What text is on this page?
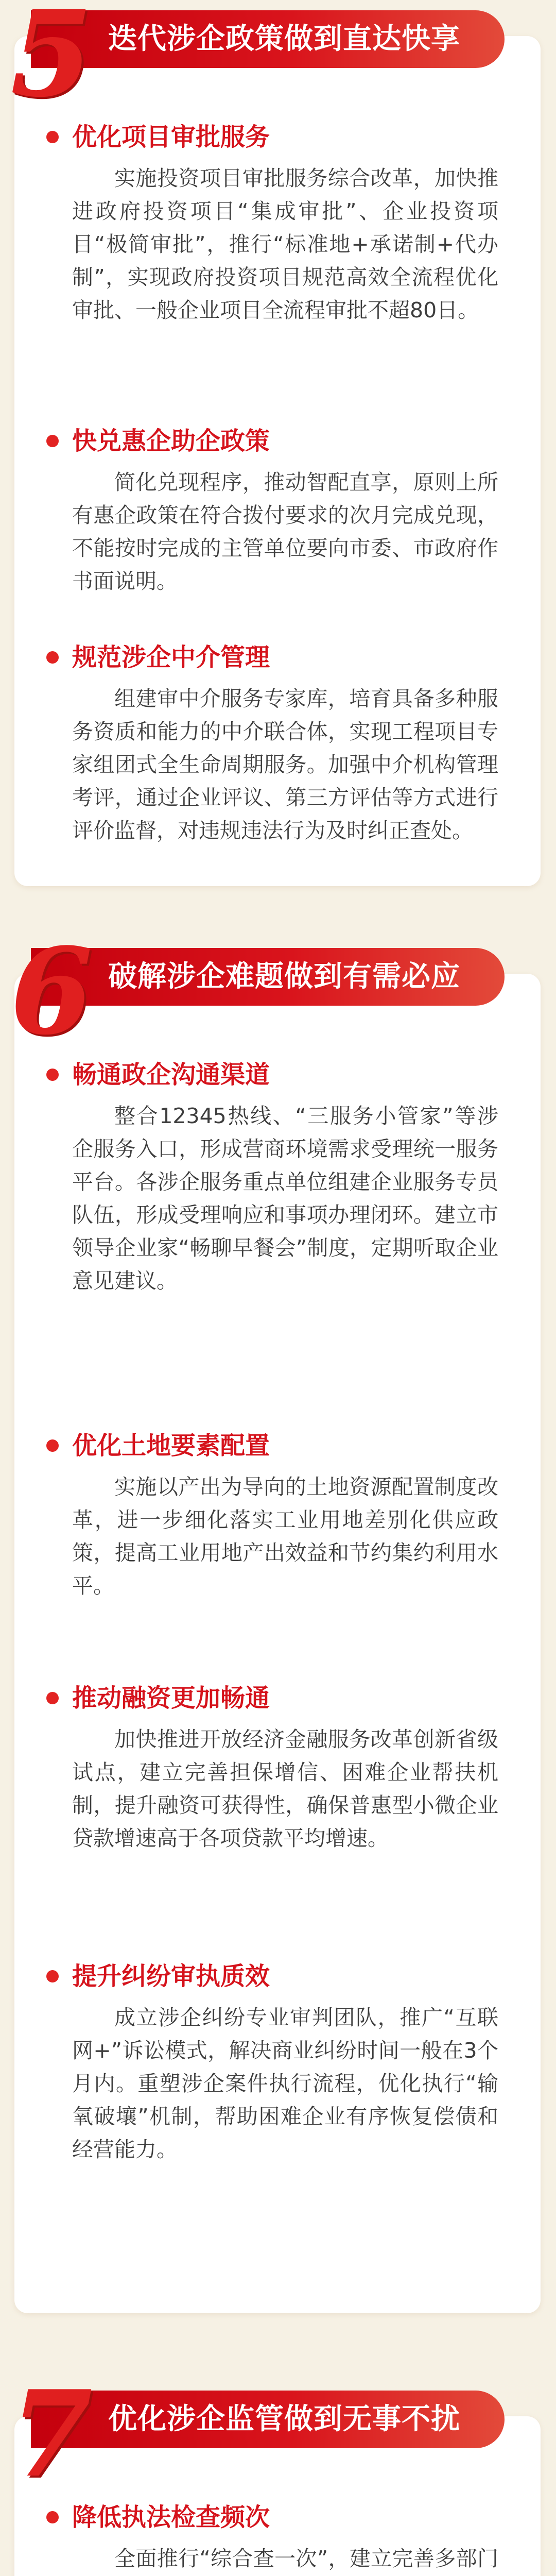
迭代涉企政策做到直达快享
5
优化项目审批服务
实施投资项目审批服务综合改革，加快推进政府投资项目“集成审批”、企业投资项目“极简审批”，推行“标准地+承诺制+代办制”，实现政府投资项目规范高效全流程优化审批、一般企业项目全流程审批不超80日。
快兑惠企助企政策
简化兑现程序，推动智配直享，原则上所有惠企政策在符合拨付要求的次月完成兑现，不能按时完成的主管单位要向市委、市政府作书面说明。
规范涉企中介管理
组建审中介服务专家库，培育具备多种服务资质和能力的中介联合体，实现工程项目专家组团式全生命周期服务。加强中介机构管理考评，通过企业评议、第三方评估等方式进行评价监督，对违规违法行为及时纠正查处。
破解涉企难题做到有需必应
6
畅通政企沟通渠道
整合12345热线、“三服务小管家”等涉企服务入口，形成营商环境需求受理统一服务平台。各涉企服务重点单位组建企业服务专员队伍，形成受理响应和事项办理闭环。建立市领导企业家“畅聊早餐会”制度，定期听取企业意见建议。
优化土地要素配置
实施以产出为导向的土地资源配置制度改革，进一步细化落实工业用地差别化供应政策，提高工业用地产出效益和节约集约利用水平。
推动融资更加畅通
加快推进开放经济金融服务改革创新省级试点，建立完善担保增信、困难企业帮扶机制，提升融资可获得性，确保普惠型小微企业贷款增速高于各项贷款平均增速。
提升纠纷审执质效
成立涉企纠纷专业审判团队，推广“互联网+”诉讼模式，解决商业纠纷时间一般在3个月内。重塑涉企案件执行流程，优化执行“输氧破壤”机制，帮助困难企业有序恢复偿债和经营能力。
优化涉企监管做到无事不扰
7
降低执法检查频次
全面推行“综合查一次”，建立完善多部门
